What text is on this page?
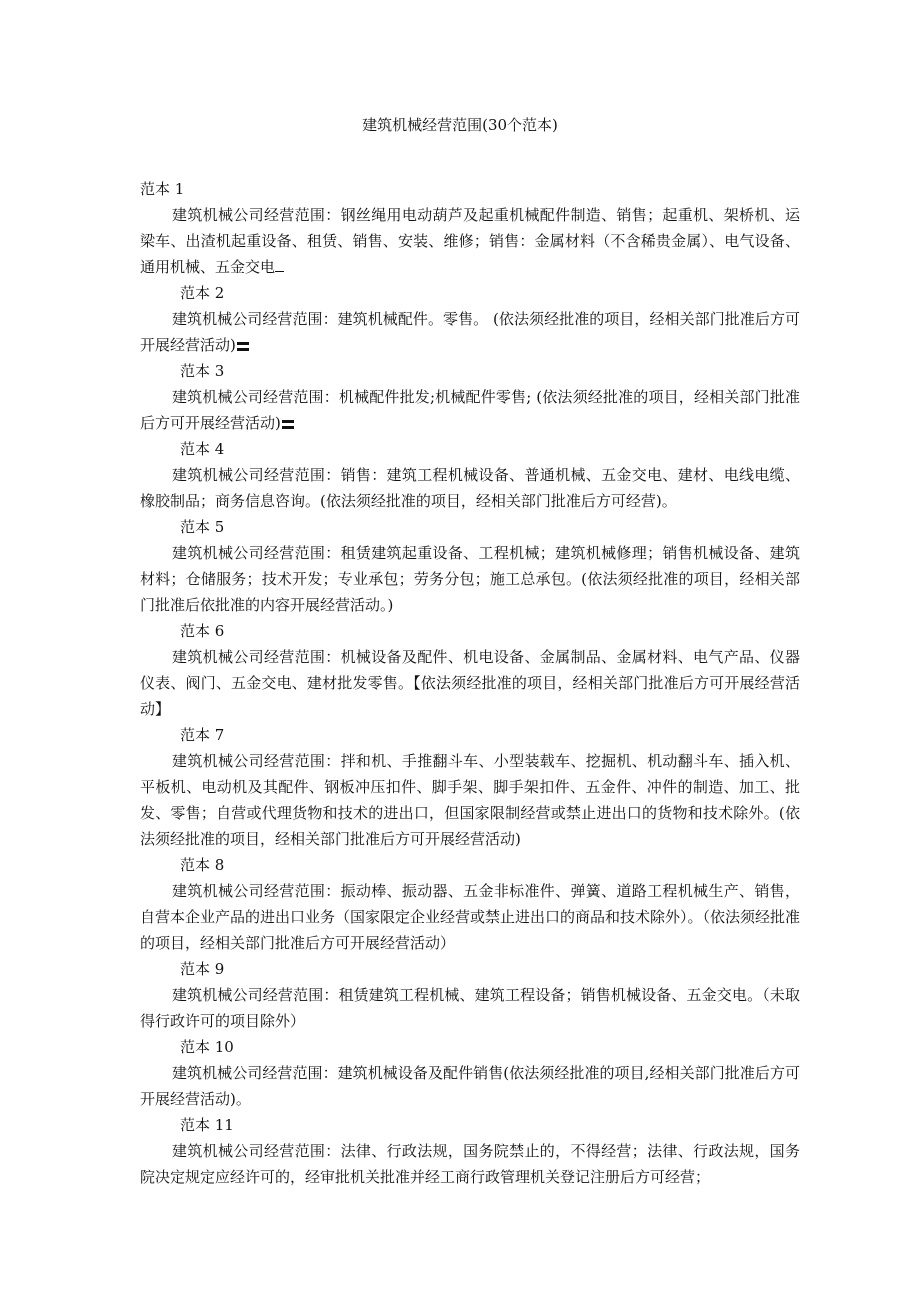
建筑机械经营范围(30个范本)

范本 1

建筑机械公司经营范围：钢丝绳用电动葫芦及起重机械配件制造、销售；起重机、架桥机、运梁车、出渣机起重设备、租赁、销售、安装、维修；销售：金属材料（不含稀贵金属）、电气设备、通用机械、五金交电

范本 2

建筑机械公司经营范围：建筑机械配件。零售。 (依法须经批准的项目，经相关部门批准后方可开展经营活动)

范本 3

建筑机械公司经营范围：机械配件批发;机械配件零售; (依法须经批准的项目，经相关部门批准后方可开展经营活动)

范本 4

建筑机械公司经营范围：销售：建筑工程机械设备、普通机械、五金交电、建材、电线电缆、橡胶制品；商务信息咨询。(依法须经批准的项目，经相关部门批准后方可经营)。

范本 5

建筑机械公司经营范围：租赁建筑起重设备、工程机械；建筑机械修理；销售机械设备、建筑材料；仓储服务；技术开发；专业承包；劳务分包；施工总承包。(依法须经批准的项目，经相关部门批准后依批准的内容开展经营活动。)

范本 6

建筑机械公司经营范围：机械设备及配件、机电设备、金属制品、金属材料、电气产品、仪器仪表、阀门、五金交电、建材批发零售。【依法须经批准的项目，经相关部门批准后方可开展经营活动】

范本 7

建筑机械公司经营范围：拌和机、手推翻斗车、小型装载车、挖掘机、机动翻斗车、插入机、平板机、电动机及其配件、钢板冲压扣件、脚手架、脚手架扣件、五金件、冲件的制造、加工、批发、零售；自营或代理货物和技术的进出口，但国家限制经营或禁止进出口的货物和技术除外。(依法须经批准的项目，经相关部门批准后方可开展经营活动)

范本 8

建筑机械公司经营范围：振动棒、振动器、五金非标准件、弹簧、道路工程机械生产、销售，自营本企业产品的进出口业务（国家限定企业经营或禁止进出口的商品和技术除外）。（依法须经批准的项目，经相关部门批准后方可开展经营活动）

范本 9

建筑机械公司经营范围：租赁建筑工程机械、建筑工程设备；销售机械设备、五金交电。（未取得行政许可的项目除外）

范本 10

建筑机械公司经营范围：建筑机械设备及配件销售(依法须经批准的项目,经相关部门批准后方可开展经营活动)。

范本 11

建筑机械公司经营范围：法律、行政法规，国务院禁止的，不得经营；法律、行政法规，国务院决定规定应经许可的，经审批机关批准并经工商行政管理机关登记注册后方可经营；
